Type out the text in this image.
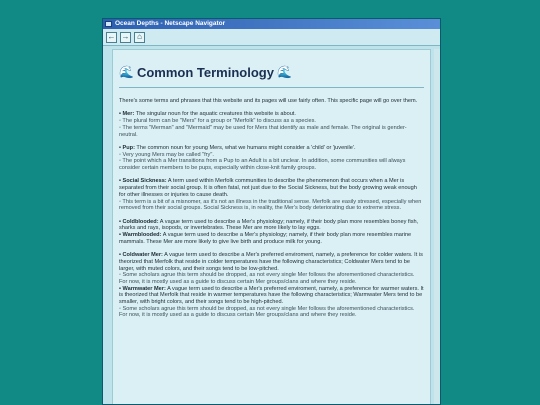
Ocean Depths - Netscape Navigator
← → ⌂
🌊 Common Terminology 🌊

There's some terms and phrases that this website and its pages will use fairly often. This specific page will go over them.

• Mer: The singular noun for the aquatic creatures this website is about.
◦ The plural form can be "Mers" for a group or "Merfolk" to discuss as a species.
◦ The terms "Merman" and "Mermaid" may be used for Mers that identify as male and female. The original is gender-neutral.

• Pup: The common noun for young Mers, what we humans might consider a 'child' or 'juvenile'.
◦ Very young Mers may be called "fry".
◦ The point which a Mer transitions from a Pup to an Adult is a bit unclear. In addition, some communities will always consider certain members to be pups, especially within close-knit family groups.

• Social Sickness: A term used within Merfolk communities to describe the phenomenon that occurs when a Mer is separated from their social group. It is often fatal, not just due to the Social Sickness, but the body growing weak enough for other illnesses or injuries to cause death.
◦ This term is a bit of a misnomer, as it's not an illness in the traditional sense. Merfolk are easily stressed, especially when removed from their social groups. Social Sickness is, in reality, the Mer's body deteriorating due to extreme stress.

• Coldblooded: A vague term used to describe a Mer's physiology; namely, if their body plan more resembles boney fish, sharks and rays, isopods, or invertebrates. These Mer are more likely to lay eggs.
• Warmblooded: A vague term used to describe a Mer's physiology; namely, if their body plan more resembles marine mammals. These Mer are more likely to give live birth and produce milk for young.

• Coldwater Mer: A vague term used to describe a Mer's preferred enviroment, namely, a preference for colder waters. It is theorized that Merfolk that reside in colder temperatures have the following characteristics; Coldwater Mers tend to be larger, with muted colors, and their songs tend to be low-pitched.
◦ Some scholars agrue this term should be dropped, as not every single Mer follows the aforementioned characteristics. For now, it is mostly used as a guide to discuss certain Mer groups/clans and where they reside.
• Warmwater Mer: A vague term used to describe a Mer's preferred enviroment, namely, a preference for warmer waters. It is theorized that Merfolk that reside in warmer temperatures have the following characteristics; Warmwater Mers tend to be smaller, with bright colors, and their songs tend to be high-pitched.
◦ Some scholars agrue this term should be dropped, as not every single Mer follows the aforementioned characteristics. For now, it is mostly used as a guide to discuss certain Mer groups/clans and where they reside.
